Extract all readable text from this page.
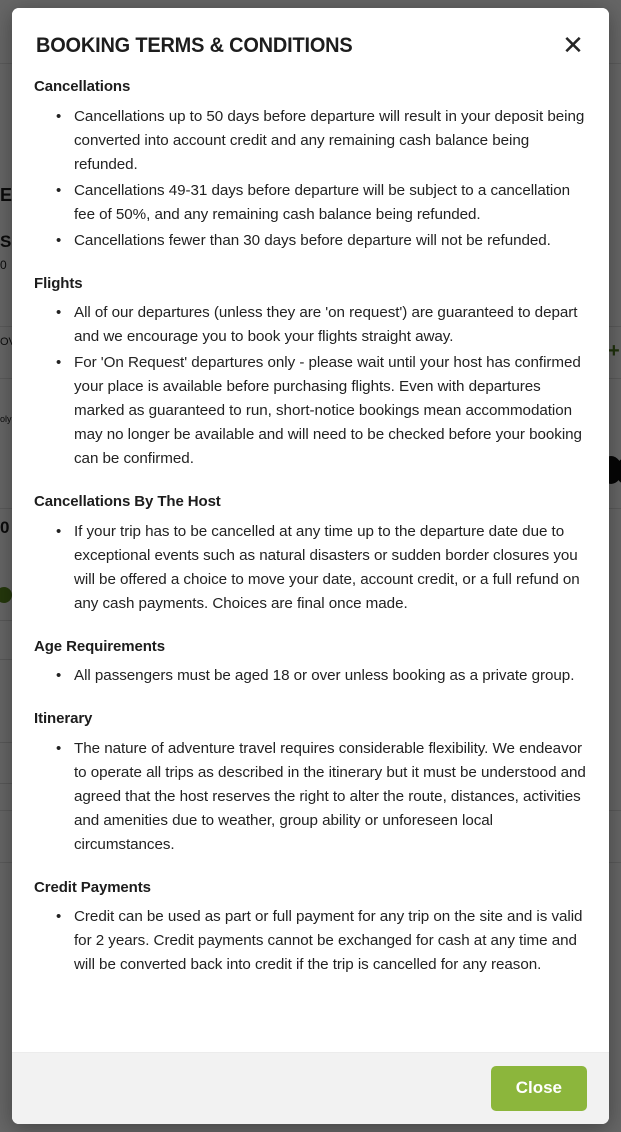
BOOKING TERMS & CONDITIONS	✕
Cancellations
• Cancellations up to 50 days before departure will result in your deposit being converted into account credit and any remaining cash balance being refunded.
• Cancellations 49-31 days before departure will be subject to a cancellation fee of 50%, and any remaining cash balance being refunded.
• Cancellations fewer than 30 days before departure will not be refunded.
Flights
• All of our departures (unless they are 'on request') are guaranteed to depart and we encourage you to book your flights straight away.
• For 'On Request' departures only - please wait until your host has confirmed your place is available before purchasing flights. Even with departures marked as guaranteed to run, short-notice bookings mean accommodation may no longer be available and will need to be checked before your booking can be confirmed.
Cancellations By The Host
• If your trip has to be cancelled at any time up to the departure date due to exceptional events such as natural disasters or sudden border closures you will be offered a choice to move your date, account credit, or a full refund on any cash payments. Choices are final once made.
Age Requirements
• All passengers must be aged 18 or over unless booking as a private group.
Itinerary
• The nature of adventure travel requires considerable flexibility. We endeavor to operate all trips as described in the itinerary but it must be understood and agreed that the host reserves the right to alter the route, distances, activities and amenities due to weather, group ability or unforeseen local circumstances.
Credit Payments
• Credit can be used as part or full payment for any trip on the site and is valid for 2 years. Credit payments cannot be exchanged for cash at any time and will be converted back into credit if the trip is cancelled for any reason.
Close
